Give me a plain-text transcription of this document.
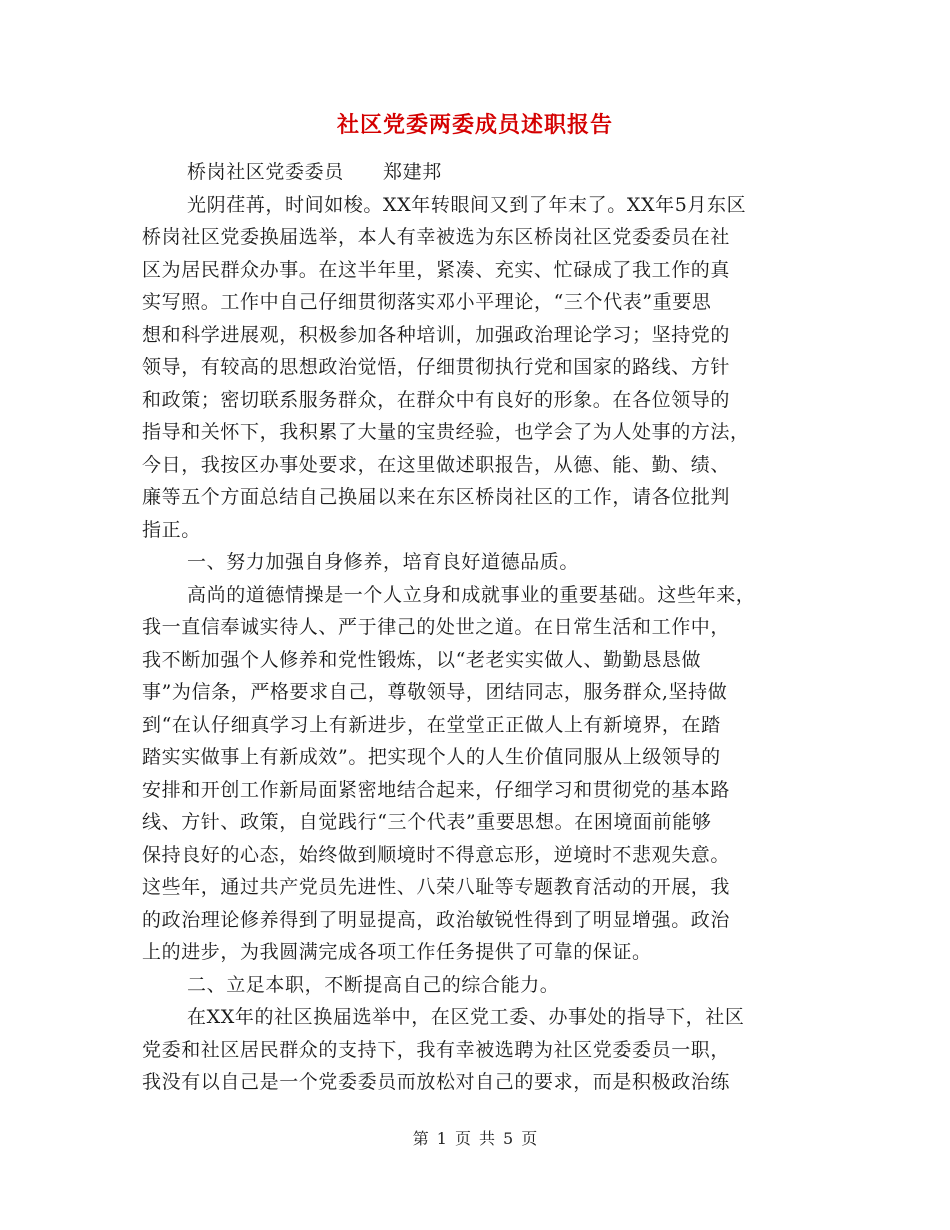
社区党委两委成员述职报告
桥岗社区党委委员　　郑建邦
光阴荏苒，时间如梭。XX年转眼间又到了年末了。XX年5月东区
桥岗社区党委换届选举，本人有幸被选为东区桥岗社区党委委员在社
区为居民群众办事。在这半年里，紧凑、充实、忙碌成了我工作的真
实写照。工作中自己仔细贯彻落实邓小平理论，“三个代表”重要思
想和科学进展观，积极参加各种培训，加强政治理论学习；坚持党的
领导，有较高的思想政治觉悟，仔细贯彻执行党和国家的路线、方针
和政策；密切联系服务群众，在群众中有良好的形象。在各位领导的
指导和关怀下，我积累了大量的宝贵经验，也学会了为人处事的方法，
今日，我按区办事处要求，在这里做述职报告，从德、能、勤、绩、
廉等五个方面总结自己换届以来在东区桥岗社区的工作，请各位批判
指正。
一、努力加强自身修养，培育良好道德品质。
高尚的道德情操是一个人立身和成就事业的重要基础。这些年来，
我一直信奉诚实待人、严于律己的处世之道。在日常生活和工作中，
我不断加强个人修养和党性锻炼，以“老老实实做人、勤勤恳恳做
事”为信条，严格要求自己，尊敬领导，团结同志，服务群众,坚持做
到“在认仔细真学习上有新进步，在堂堂正正做人上有新境界，在踏
踏实实做事上有新成效”。把实现个人的人生价值同服从上级领导的
安排和开创工作新局面紧密地结合起来，仔细学习和贯彻党的基本路
线、方针、政策，自觉践行“三个代表”重要思想。在困境面前能够
保持良好的心态，始终做到顺境时不得意忘形，逆境时不悲观失意。
这些年，通过共产党员先进性、八荣八耻等专题教育活动的开展，我
的政治理论修养得到了明显提高，政治敏锐性得到了明显增强。政治
上的进步，为我圆满完成各项工作任务提供了可靠的保证。
二、立足本职，不断提高自己的综合能力。
在XX年的社区换届选举中，在区党工委、办事处的指导下，社区
党委和社区居民群众的支持下，我有幸被选聘为社区党委委员一职，
我没有以自己是一个党委委员而放松对自己的要求，而是积极政治练
第 1 页 共 5 页
